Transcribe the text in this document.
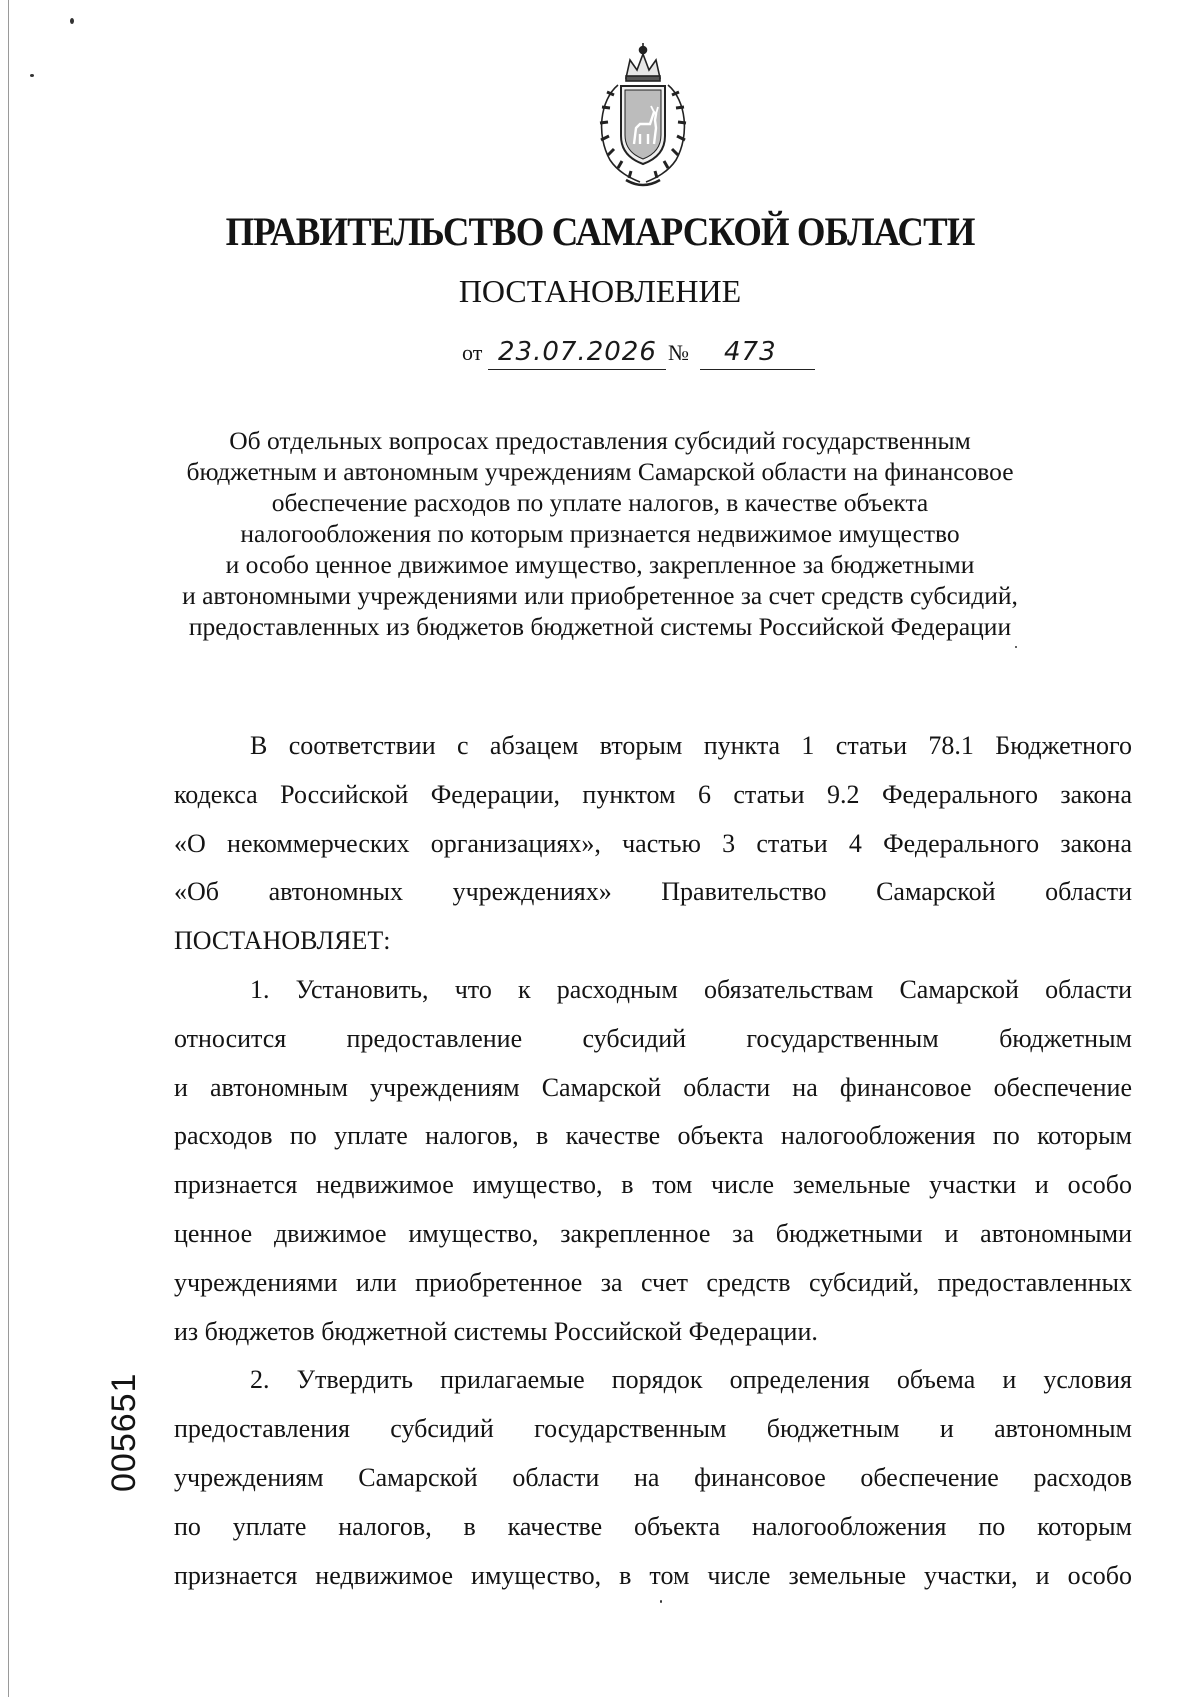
ПРАВИТЕЛЬСТВО САМАРСКОЙ ОБЛАСТИ
ПОСТАНОВЛЕНИЕ
от 23.07.2026 № 473
Об отдельных вопросах предоставления субсидий государственным
бюджетным и автономным учреждениям Самарской области на финансовое
обеспечение расходов по уплате налогов, в качестве объекта
налогообложения по которым признается недвижимое имущество
и особо ценное движимое имущество, закрепленное за бюджетными
и автономными учреждениями или приобретенное за счет средств субсидий,
предоставленных из бюджетов бюджетной системы Российской Федерации
В соответствии с абзацем вторым пункта 1 статьи 78.1 Бюджетного
кодекса Российской Федерации, пунктом 6 статьи 9.2 Федерального закона
«О некоммерческих организациях», частью 3 статьи 4 Федерального закона
«Об автономных учреждениях» Правительство Самарской области
ПОСТАНОВЛЯЕТ:
1. Установить, что к расходным обязательствам Самарской области
относится предоставление субсидий государственным бюджетным
и автономным учреждениям Самарской области на финансовое обеспечение
расходов по уплате налогов, в качестве объекта налогообложения по которым
признается недвижимое имущество, в том числе земельные участки и особо
ценное движимое имущество, закрепленное за бюджетными и автономными
учреждениями или приобретенное за счет средств субсидий, предоставленных
из бюджетов бюджетной системы Российской Федерации.
2. Утвердить прилагаемые порядок определения объема и условия
предоставления субсидий государственным бюджетным и автономным
учреждениям Самарской области на финансовое обеспечение расходов
по уплате налогов, в качестве объекта налогообложения по которым
признается недвижимое имущество, в том числе земельные участки, и особо
005651
